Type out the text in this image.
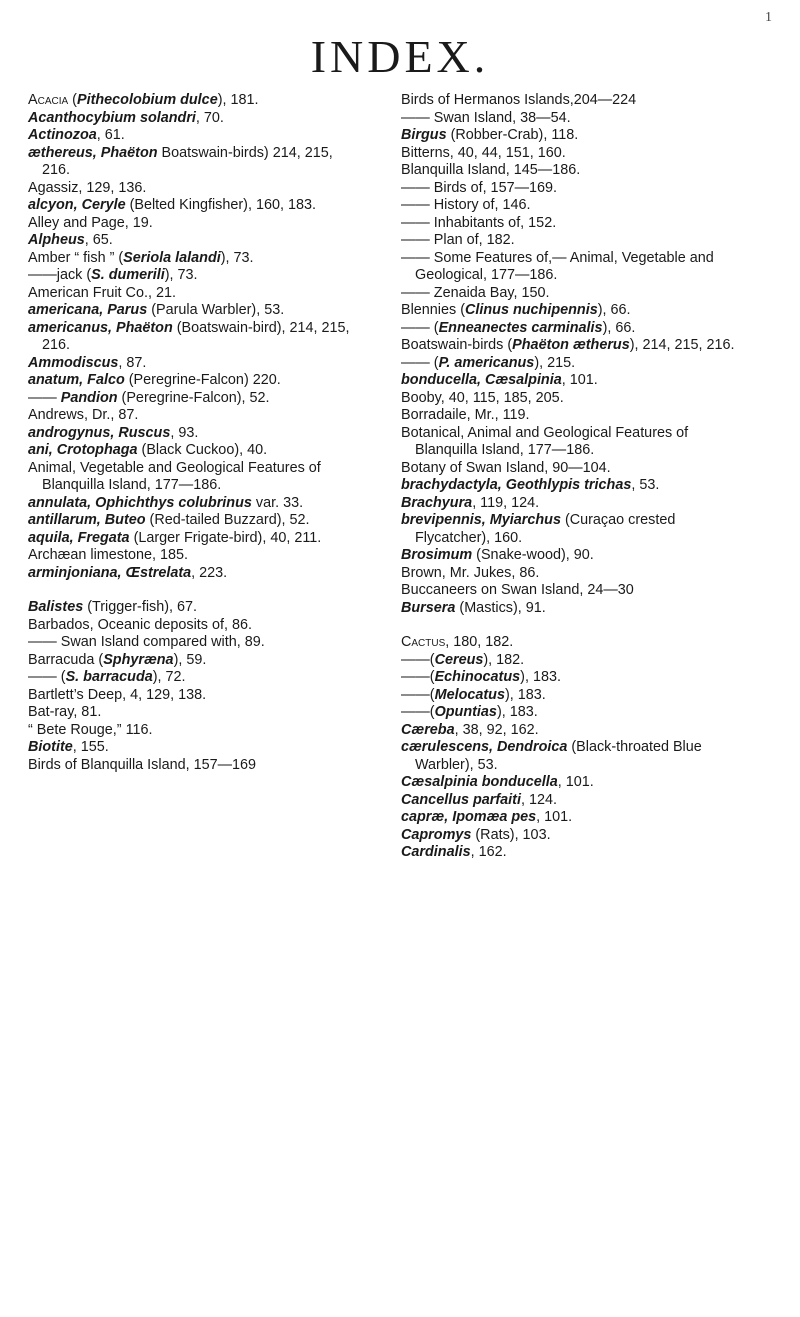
1
INDEX.
Acacia (Pithecolobium dulce), 181.
Acanthocybium solandri, 70.
Actinozoa, 61.
æthereus, Phaëton Boatswain-birds) 214, 215, 216.
Agassiz, 129, 136.
alcyon, Ceryle (Belted Kingfisher), 160, 183.
Alley and Page, 19.
Alpheus, 65.
Amber “ fish ” (Seriola lalandi), 73.
——jack (S. dumerili), 73.
American Fruit Co., 21.
americana, Parus (Parula Warbler), 53.
americanus, Phaëton (Boatswain-bird), 214, 215, 216.
Ammodiscus, 87.
anatum, Falco (Peregrine-Falcon) 220.
—— Pandion (Peregrine-Falcon), 52.
Andrews, Dr., 87.
androgynus, Ruscus, 93.
ani, Crotophaga (Black Cuckoo), 40.
Animal, Vegetable and Geological Features of Blanquilla Island, 177—186.
annulata, Ophichthys colubrinus var. 33.
antillarum, Buteo (Red-tailed Buzzard), 52.
aquila, Fregata (Larger Frigate-bird), 40, 211.
Archæan limestone, 185.
arminjoniana, Œstrelata, 223.
Balistes (Trigger-fish), 67.
Barbados, Oceanic deposits of, 86.
—— Swan Island compared with, 89.
Barracuda (Sphyræna), 59.
—— (S. barracuda), 72.
Bartlett’s Deep, 4, 129, 138.
Bat-ray, 81.
“ Bete Rouge,” 116.
Biotite, 155.
Birds of Blanquilla Island, 157—169
Birds of Hermanos Islands,204—224
—— Swan Island, 38—54.
Birgus (Robber-Crab), 118.
Bitterns, 40, 44, 151, 160.
Blanquilla Island, 145—186.
—— Birds of, 157—169.
—— History of, 146.
—— Inhabitants of, 152.
—— Plan of, 182.
—— Some Features of,— Animal, Vegetable and Geological, 177—186.
—— Zenaida Bay, 150.
Blennies (Clinus nuchipennis), 66.
—— (Enneanectes carminalis), 66.
Boatswain-birds (Phaëton ætherus), 214, 215, 216.
—— (P. americanus), 215.
bonducella, Cæsalpinia, 101.
Booby, 40, 115, 185, 205.
Borradaile, Mr., 119.
Botanical, Animal and Geological Features of Blanquilla Island, 177—186.
Botany of Swan Island, 90—104.
brachydactyla, Geothlypis trichas, 53.
Brachyura, 119, 124.
brevipennis, Myiarchus (Curaçao crested Flycatcher), 160.
Brosimum (Snake-wood), 90.
Brown, Mr. Jukes, 86.
Buccaneers on Swan Island, 24—30
Bursera (Mastics), 91.
Cactus, 180, 182.
——(Cereus), 182.
——(Echinocatus), 183.
——(Melocatus), 183.
——(Opuntias), 183.
Cæreba, 38, 92, 162.
cærulescens, Dendroica (Black-throated Blue Warbler), 53.
Cæsalpinia bonducella, 101.
Cancellus parfaiti, 124.
capræ, Ipomæa pes, 101.
Capromys (Rats), 103.
Cardinalis, 162.
